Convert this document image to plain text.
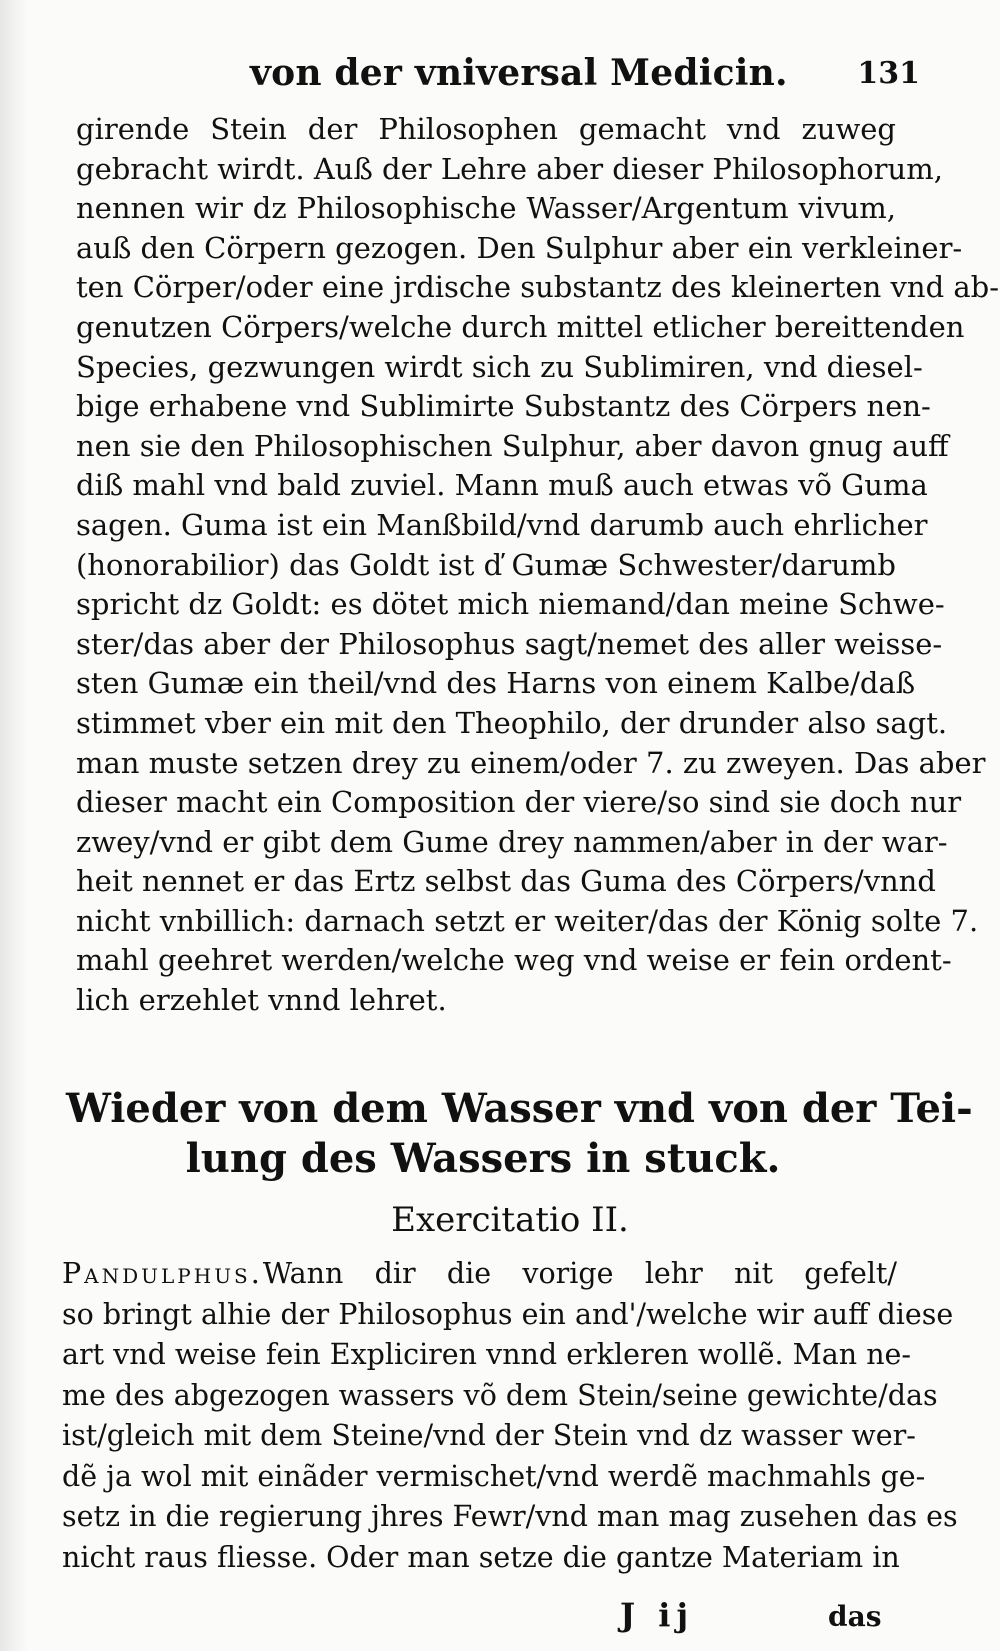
von der vniversal Medicin. 131
girende Stein der Philosophen gemacht vnd zuweg
gebracht wirdt. Auß der Lehre aber dieser Philosophorum,
nennen wir dz Philosophische Wasser/Argentum vivum,
auß den Cörpern gezogen. Den Sulphur aber ein verkleiner-
ten Cörper/oder eine jrdische substantz des kleinerten vnd ab-
genutzen Cörpers/welche durch mittel etlicher bereittenden
Species, gezwungen wirdt sich zu Sublimiren, vnd diesel-
bige erhabene vnd Sublimirte Substantz des Cörpers nen-
nen sie den Philosophischen Sulphur, aber davon gnug auff
diß mahl vnd bald zuviel. Mann muß auch etwas võ Guma
sagen. Guma ist ein Manßbild/vnd darumb auch ehrlicher
(honorabilior) das Goldt ist ď Gumæ Schwester/darumb
spricht dz Goldt: es dötet mich niemand/dan meine Schwe-
ster/das aber der Philosophus sagt/nemet des aller weisse-
sten Gumæ ein theil/vnd des Harns von einem Kalbe/daß
stimmet vber ein mit den Theophilo, der drunder also sagt.
man muste setzen drey zu einem/oder 7. zu zweyen. Das aber
dieser macht ein Composition der viere/so sind sie doch nur
zwey/vnd er gibt dem Gume drey nammen/aber in der war-
heit nennet er das Ertz selbst das Guma des Cörpers/vnnd
nicht vnbillich: darnach setzt er weiter/das der König solte 7.
mahl geehret werden/welche weg vnd weise er fein ordent-
lich erzehlet vnnd lehret.
Wieder von dem Wasser vnd von der Tei-
lung des Wassers in stuck.
Exercitatio II.
Pandulphus.Wann dir die vorige lehr nit gefelt/
so bringt alhie der Philosophus ein and'/welche wir auff diese
art vnd weise fein Expliciren vnnd erkleren wollẽ. Man ne-
me des abgezogen wassers võ dem Stein/seine gewichte/das
ist/gleich mit dem Steine/vnd der Stein vnd dz wasser wer-
dẽ ja wol mit einãder vermischet/vnd werdẽ machmahls ge-
setz in die regierung jhres Fewr/vnd man mag zusehen das es
nicht raus fliesse. Oder man setze die gantze Materiam in
J ij	das
